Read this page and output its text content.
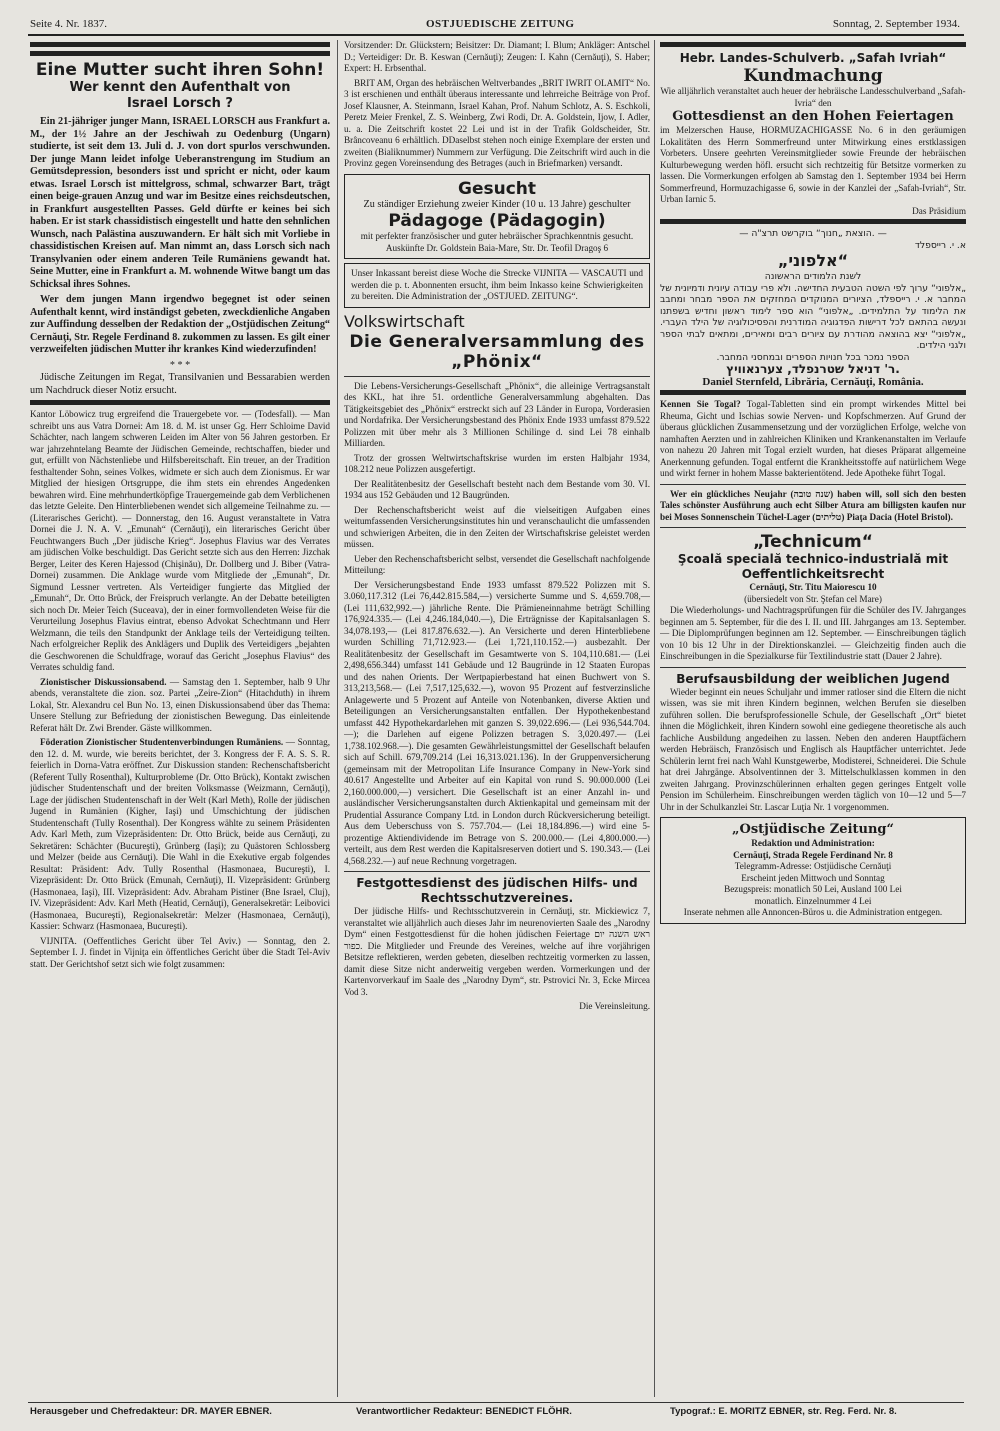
Seite 4. Nr. 1837.	OSTJUEDISCHE ZEITUNG	Sonntag, 2. September 1934.
Eine Mutter sucht ihren Sohn!
Wer kennt den Aufenthalt von
Israel Lorsch ?

Ein 21-jähriger junger Mann, ISRAEL LORSCH aus Frankfurt a. M., der 1½ Jahre an der Jeschiwah zu Oedenburg (Ungarn) studierte, ist seit dem 13. Juli d. J. von dort spurlos verschwunden. Der junge Mann leidet infolge Ueberanstrengung im Studium an Gemütsdepression, besonders isst und spricht er nicht, oder kaum etwas. Israel Lorsch ist mittelgross, schmal, schwarzer Bart, trägt einen beige-grauen Anzug und war im Besitze eines reichsdeutschen, in Frankfurt ausgestellten Passes. Geld dürfte er keines bei sich haben. Er ist stark chassidistisch eingestellt und hatte den sehnlichen Wunsch, nach Palästina auszuwandern. Er hält sich mit Vorliebe in chassidistischen Kreisen auf. Man nimmt an, dass Lorsch sich nach Transylvanien oder einem anderen Teile Rumäniens gewandt hat. Seine Mutter, eine in Frankfurt a. M. wohnende Witwe bangt um das Schicksal ihres Sohnes.

Wer dem jungen Mann irgendwo begegnet ist oder seinen Aufenthalt kennt, wird inständigst gebeten, zweckdienliche Angaben zur Auffindung desselben der Redaktion der „Ostjüdischen Zeitung“ Cernăuţi, Str. Regele Ferdinand 8. zukommen zu lassen. Es gilt einer verzweifelten jüdischen Mutter ihr krankes Kind wiederzufinden!

* * *

Jüdische Zeitungen im Regat, Transilvanien und Bessarabien werden um Nachdruck dieser Notiz ersucht.

Kantor Löbowicz trug ergreifend die Trauergebete vor. — (Todesfall). — Man schreibt uns aus Vatra Dornei: Am 18. d. M. ist unser Gg. Herr Schloime David Schächter, nach langem schweren Leiden im Alter von 56 Jahren gestorben. Er war jahrzehntelang Beamte der Jüdischen Gemeinde, rechtschaffen, bieder und gut, erfüllt von Nächstenliebe und Hilfsbereitschaft. Ein treuer, an der Tradition festhaltender Sohn, seines Volkes, widmete er sich auch dem Zionismus. Er war Mitglied der hiesigen Ortsgruppe, die ihm stets ein ehrendes Angedenken bewahren wird. Eine mehrhundertköpfige Trauergemeinde gab dem Verblichenen das letzte Geleite. Den Hinterbliebenen wendet sich allgemeine Teilnahme zu. — (Literarisches Gericht). — Donnerstag, den 16. August veranstaltete in Vatra Dornei die J. N. A. V. „Emunah“ (Cernăuţi), ein literarisches Gericht über Feuchtwangers Buch „Der jüdische Krieg“. Josephus Flavius war des Verrates am jüdischen Volke beschuldigt. Das Gericht setzte sich aus den Herren: Jizchak Berger, Leiter des Keren Hajessod (Chişinău), Dr. Dollberg und J. Biber (Vatra-Dornei) zusammen. Die Anklage wurde vom Mitgliede der „Emunah“, Dr. Sigmund Lessner vertreten. Als Verteidiger fungierte das Mitglied der „Emunah“, Dr. Otto Brück, der Freispruch verlangte. An der Debatte beteiligten sich noch Dr. Meier Teich (Suceava), der in einer formvollendeten Weise für die Verurteilung Josephus Flavius eintrat, ebenso Advokat Schechtmann und Herr Welzmann, die teils den Standpunkt der Anklage teils der Verteidigung teilten. Nach erfolgreicher Replik des Anklägers und Duplik des Verteidigers „bejahten die Geschworenen die Schuldfrage, worauf das Gericht „Josephus Flavius“ des Verrates schuldig fand.

Zionistischer Diskussionsabend. — Samstag den 1. September, halb 9 Uhr abends, veranstaltete die zion. soz. Partei „Zeire-Zion“ (Hitachduth) in ihrem Lokal, Str. Alexandru cel Bun No. 13, einen Diskussionsabend über das Thema: Unsere Stellung zur Befriedung der zionistischen Bewegung. Das einleitende Referat hält Dr. Zwi Brender. Gäste willkommen.

Föderation Zionistischer Studentenverbindungen Rumäniens. — Sonntag, den 12. d. M. wurde, wie bereits berichtet, der 3. Kongress der F. A. S. S. R. feierlich in Dorna-Vatra eröffnet. Zur Diskussion standen: Rechenschaftsbericht (Referent Tully Rosenthal), Kulturprobleme (Dr. Otto Brück), Kontakt zwischen jüdischer Studentenschaft und der breiten Volksmasse (Weizmann, Cernăuţi), Lage der jüdischen Studentenschaft in der Welt (Karl Meth), Rolle der jüdischen Jugend in Rumänien (Kigher, Iaşi) und Umschichtung der jüdischen Studentenschaft (Tully Rosenthal). Der Kongress wählte zu seinem Präsidenten Adv. Karl Meth, zum Vizepräsidenten: Dr. Otto Brück, beide aus Cernăuţi, zu Sekretären: Schächter (Bucureşti), Grünberg (Iaşi); zu Quästoren Schlossberg und Melzer (beide aus Cernăuţi). Die Wahl in die Exekutive ergab folgendes Resultat: Präsident: Adv. Tully Rosenthal (Hasmonaea, Bucureşti), I. Vizepräsident: Dr. Otto Brück (Emunah, Cernăuţi), II. Vizepräsident: Grünberg (Hasmonaea, Iaşi), III. Vizepräsident: Adv. Abraham Pistiner (Bne Israel, Cluj), IV. Vizepräsident: Adv. Karl Meth (Heatid, Cernăuţi), Generalsekretär: Leibovici (Hasmonaea, Bucureşti), Regionalsekretär: Melzer (Hasmonaea, Cernăuţi), Kassier: Schwarz (Hasmonaea, Bucureşti).

VIJNITA. (Oeffentliches Gericht über Tel Aviv.) — Sonntag, den 2. September I. J. findet in Vijniţa ein öffentliches Gericht über die Stadt Tel-Aviv statt. Der Gerichtshof setzt sich wie folgt zusammen:

Vorsitzender: Dr. Glückstern; Beisitzer: Dr. Diamant; I. Blum; Ankläger: Antschel D.; Verteidiger: Dr. B. Keswan (Cernăuţi); Zeugen: I. Kahn (Cernăuţi), S. Haber; Expert: H. Erbsenthal.

BRIT AM, Organ des hebräischen Weltverbandes „BRIT IWRIT OLAMIT“ No. 3 ist erschienen und enthält überaus interessante und lehrreiche Beiträge von Prof. Josef Klausner, A. Steinmann, Israel Kahan, Prof. Nahum Schlotz, A. S. Eschkoli, Peretz Meier Frenkel, Z. S. Weinberg, Zwi Rodi, Dr. A. Goldstein, Ijow, I. Adler, u. a. Die Zeitschrift kostet 22 Lei und ist in der Trafik Goldscheider, Str. Brâncoveanu 6 erhältlich. DDaselbst stehen noch einige Exemplare der ersten und zweiten (Bialiknummer) Nummern zur Verfügung. Die Zeitschrift wird auch in die Provinz gegen Voreinsendung des Betrages (auch in Briefmarken) versandt.

Gesucht
Zu ständiger Erziehung zweier Kinder (10 u. 13 Jahre) geschulter
Pädagoge (Pädagogin)
mit perfekter französischer und guter hebräischer Sprachkenntnis gesucht. Auskünfte Dr. Goldstein Baia-Mare, Str. Dr. Teofil Dragoş 6
Unser Inkassant bereist diese Woche die Strecke VIJNITA — VASCAUTI und werden die p. t. Abonnenten ersucht, ihm beim Inkasso keine Schwierigkeiten zu bereiten. Die Administration der „OSTJUED. ZEITUNG“.
Volkswirtschaft
Die Generalversammlung des „Phönix“

Die Lebens-Versicherungs-Gesellschaft „Phönix“, die alleinige Vertragsanstalt des KKL, hat ihre 51. ordentliche Generalversammlung abgehalten. Das Tätigkeitsgebiet des „Phönix“ erstreckt sich auf 23 Länder in Europa, Vorderasien und Nordafrika. Der Versicherungsbestand des Phönix Ende 1933 umfasst 879.522 Polizzen mit über mehr als 3 Millionen Schilinge d. sind Lei 78 einhalb Milliarden.

Trotz der grossen Weltwirtschaftskrise wurden im ersten Halbjahr 1934, 108.212 neue Polizzen ausgefertigt.

Der Realitätenbesitz der Gesellschaft besteht nach dem Bestande vom 30. VI. 1934 aus 152 Gebäuden und 12 Baugründen.

Der Rechenschaftsbericht weist auf die vielseitigen Aufgaben eines weitumfassenden Versicherungsinstitutes hin und veranschaulicht die umfassenden und schwierigen Arbeiten, die in den Zeiten der Wirtschaftskrise geleistet werden müssen.

Ueber den Rechenschaftsbericht selbst, versendet die Gesellschaft nachfolgende Mitteilung:

Der Versicherungsbestand Ende 1933 umfasst 879.522 Polizzen mit S. 3.060,117.312 (Lei 76,442.815.584,—) versicherte Summe und S. 4,659.708,— (Lei 111,632,992.—) jährliche Rente. Die Prämieneinnahme beträgt Schilling 176,924.335.— (Lei 4,246.184,040.—), Die Erträgnisse der Kapitalsanlagen S. 34,078.193,— (Lei 817.876.632.—). An Versicherte und deren Hinterbliebene wurden Schilling 71,712.923.— (Lei 1,721,110.152.—) ausbezahlt. Der Realitätenbesitz der Gesellschaft im Gesamtwerte von S. 104,110.681.— (Lei 2,498,656.344) umfasst 141 Gebäude und 12 Baugründe in 12 Staaten Europas und des nahen Orients. Der Wertpapierbestand hat einen Buchwert von S. 313,213,568.— (Lei 7,517,125,632.—), wovon 95 Prozent auf festverzinsliche Anlagewerte und 5 Prozent auf Anteile von Notenbanken, diverse Aktien und Beteiligungen an Versicherungsanstalten entfallen. Der Hypothekenbestand umfasst 442 Hypothekardarlehen mit ganzen S. 39,022.696.— (Lei 936,544.704.—); die Darlehen auf eigene Polizzen betragen S. 3,020.497.— (Lei 1,738.102.968.—). Die gesamten Gewährleistungsmittel der Gesellschaft belaufen sich auf Schill. 679,709.214 (Lei 16,313.021.136). In der Gruppenversicherung (gemeinsam mit der Metropolitan Life Insurance Company in New-York sind 40.617 Angestellte und Arbeiter auf ein Kapital von rund S. 90.000.000 (Lei 2,160.000.000,—) versichert. Die Gesellschaft ist an einer Anzahl in- und ausländischer Versicherungsanstalten durch Aktienkapital und gemeinsam mit der Prudential Assurance Company Ltd. in London durch Rückversicherung beteiligt. Aus dem Ueberschuss von S. 757.704.— (Lei 18,184.896.—) wird eine 5-prozentige Aktiendividende im Betrage von S. 200.000.— (Lei 4,800.000.—) verteilt, aus dem Rest werden die Kapitalsreserven dotiert und S. 190.343.— (Lei 4,568.232.—) auf neue Rechnung vorgetragen.

Festgottesdienst des jüdischen Hilfs- und Rechtsschutzvereines.

Der jüdische Hilfs- und Rechtsschutzverein in Cernăuţi, str. Mickiewicz 7, veranstaltet wie alljährlich auch dieses Jahr im neurenovierten Saale des „Narodny Dym“ einen Festgottesdienst für die hohen jüdischen Feiertage ראש השנה יום כפור. Die Mitglieder und Freunde des Vereines, welche auf ihre vorjährigen Betsitze reflektieren, werden gebeten, dieselben rechtzeitig vormerken zu lassen, damit diese Sitze nicht anderweitig vergeben werden. Vormerkungen und der Kartenvorverkauf im Saale des „Narodny Dym“, str. Pstrovici Nr. 3, Ecke Mircea Vod 3.

Die Vereinsleitung.
Hebr. Landes-Schulverb. „Safah Ivriah“
Kundmachung
Wie alljährlich veranstaltet auch heuer der hebräische Landesschulverband „Safah-Ivria“ den
Gottesdienst an den Hohen Feiertagen
im Melzerschen Hause, HORMUZACHIGASSE No. 6 in den geräumigen Lokalitäten des Herrn Sommerfreund unter Mitwirkung eines erstklassigen Vorbeters. Unsere geehrten Vereinsmitglieder sowie Freunde der hebräischen Kulturbewegung werden höfl. ersucht sich rechtzeitig für Betsitze vormerken zu lassen. Die Vormerkungen erfolgen ab Samstag den 1. September 1934 bei Herrn Sommerfreund, Hormuzachigasse 6, sowie in der Kanzlei der „Safah-Ivriah“, Str. Urban Iarnic 5.
Das Präsidium
— הוצאת „חנוך“ בוקרשט תרצ"ה. —
א. י. רייספלד
„אלפוני“
לשנת הלמודים הראשונה
„אלפוני“ ערוך לפי השטה הטבעית החדישה. ולא פרי עבודה עיונית ודמיונית של המחבר א. י. רייספלד, הציורים המנוקדים המחזקים את הספר מבחר ומחבב את הלימוד על התלמידים. „אלפוני“ הוא ספר לימוד ראשון וחדיש בשפתנו ונעשה בהתאם לכל דרישות הפדגוגיה המודרנית והפסיכולוגיה של הילד העברי. „אלפוני“ יצא בהוצאה מהודרת עם ציורים רבים ומאירים, ומתאים לבתי הספר ולגני הילדים.
הספר נמכר בכל חנויות הספרים ובמחסני המחבר.
ר' דניאל שטרנפלד, צערנאוויץ.
Daniel Sternfeld, Librăria, Cernăuţi, România.

Kennen Sie Togal? Togal-Tabletten sind ein prompt wirkendes Mittel bei Rheuma, Gicht und Ischias sowie Nerven- und Kopfschmerzen. Auf Grund der überaus glücklichen Zusammensetzung und der vorzüglichen Erfolge, welche von namhaften Aerzten und in zahlreichen Kliniken und Krankenanstalten im Verlaufe von nahezu 20 Jahren mit Togal erzielt wurden, hat dieses Präparat allgemeine Anerkennung gefunden. Togal entfernt die Krankheitsstoffe auf natürlichem Wege und wirkt ferner in hohem Masse bakterientötend. Jede Apotheke führt Togal.

Wer ein glückliches Neujahr (שנה טובה) haben will, soll sich den besten Tales schönster Ausführung auch echt Silber Atura am billigsten kaufen nur bei Moses Sonnenschein Tüchel-Lager (טליתים) Piaţa Dacia (Hotel Bristol).

„Technicum“
Şcoală specială technico-industrială mit Oeffentlichkeitsrecht
Cernăuţi, Str. Titu Maiorescu 10
(übersiedelt von Str. Ştefan cel Mare)

Die Wiederholungs- und Nachtragsprüfungen für die Schüler des IV. Jahrganges beginnen am 5. September, für die des I. II. und III. Jahrganges am 13. September. — Die Diplomprüfungen beginnen am 12. September. — Einschreibungen täglich von 10 bis 12 Uhr in der Direktionskanzlei. — Gleichzeitig finden auch die Einschreibungen in die Spezialkurse für Textilindustrie statt (Dauer 2 Jahre).

Berufsausbildung der weiblichen Jugend

Wieder beginnt ein neues Schuljahr und immer ratloser sind die Eltern die nicht wissen, was sie mit ihren Kindern beginnen, welchen Berufen sie dieselben zuführen sollen. Die berufsprofessionelle Schule, der Gesellschaft „Ort“ bietet ihnen die Möglichkeit, ihren Kindern sowohl eine gediegene theoretische als auch fachliche Ausbildung angedeihen zu lassen. Neben den anderen Hauptfächern werden Hebräisch, Französisch und Englisch als Hauptfächer unterrichtet. Jede Schülerin lernt frei nach Wahl Kunstgewerbe, Modisterei, Schneiderei. Die Schule hat drei Jahrgänge. Absolventinnen der 3. Mittelschulklassen kommen in den zweiten Jahrgang. Provinzschülerinnen erhalten gegen geringes Entgelt volle Pension im Schülerheim. Einschreibungen werden täglich von 10—12 und 5—7 Uhr in der Schulkanzlei Str. Lascar Luţia Nr. 1 vorgenommen.

„Ostjüdische Zeitung“
Redaktion und Administration:
Cernăuţi, Strada Regele Ferdinand Nr. 8
Telegramm-Adresse: Ostjüdische Cernăuţi
Erscheint jeden Mittwoch und Sonntag
Bezugspreis: monatlich 50 Lei, Ausland 100 Lei
monatlich. Einzelnummer 4 Lei
Inserate nehmen alle Annoncen-Büros u. die Administration entgegen.
Herausgeber und Chefredakteur: DR. MAYER EBNER.	Verantwortlicher Redakteur: BENEDICT FLÖHR.	Typograf.: E. MORITZ EBNER, str. Reg. Ferd. Nr. 8.
